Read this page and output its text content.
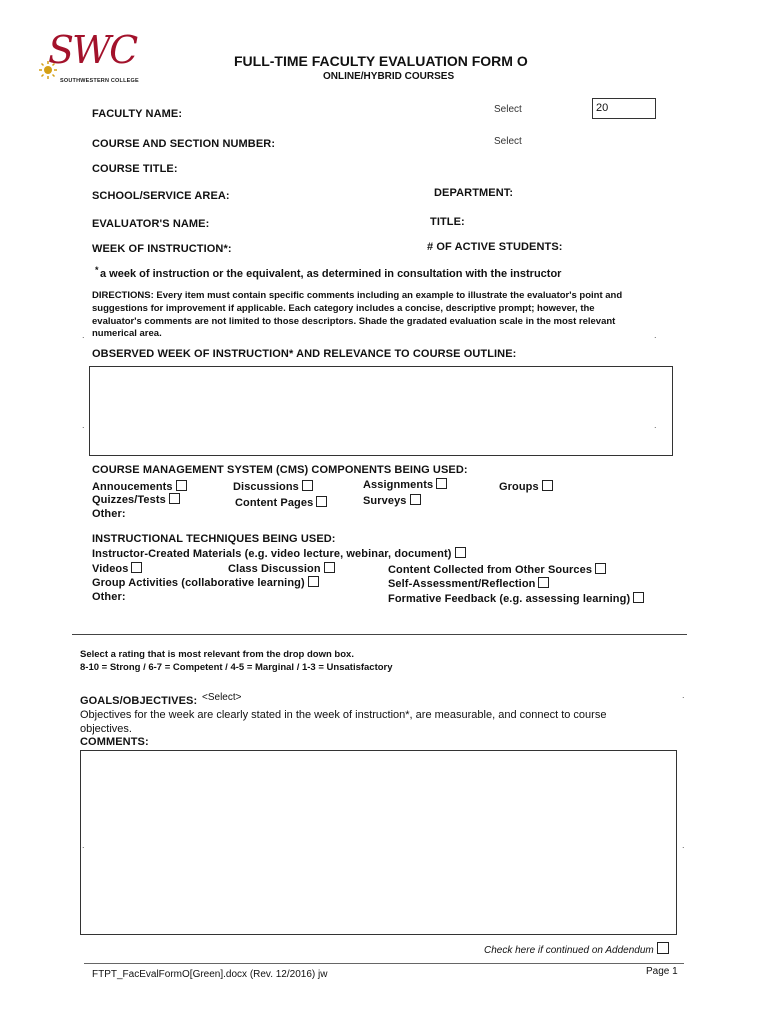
SWC
SOUTHWESTERN COLLEGE
FULL-TIME FACULTY EVALUATION FORM O
ONLINE/HYBRID COURSES
FACULTY NAME:	Select	20
COURSE AND SECTION NUMBER:	Select
COURSE TITLE:
SCHOOL/SERVICE AREA:	DEPARTMENT:
EVALUATOR'S NAME:	TITLE:
WEEK OF INSTRUCTION*:	# OF ACTIVE STUDENTS:
* a week of instruction or the equivalent, as determined in consultation with the instructor
DIRECTIONS: Every item must contain specific comments including an example to illustrate the evaluator's point and
suggestions for improvement if applicable. Each category includes a concise, descriptive prompt; however, the
evaluator's comments are not limited to those descriptors. Shade the gradated evaluation scale in the most relevant
numerical area.
.	.
OBSERVED WEEK OF INSTRUCTION* AND RELEVANCE TO COURSE OUTLINE:
.	.
COURSE MANAGEMENT SYSTEM (CMS) COMPONENTS BEING USED:
Annoucements	Discussions	Assignments	Groups
Quizzes/Tests	Content Pages	Surveys
Other:
INSTRUCTIONAL TECHNIQUES BEING USED:
Instructor-Created Materials (e.g. video lecture, webinar, document)
Videos	Class Discussion	Content Collected from Other Sources
Group Activities (collaborative learning)	Self-Assessment/Reflection
Other:	Formative Feedback (e.g. assessing learning)
Select a rating that is most relevant from the drop down box.
8-10 = Strong / 6-7 = Competent / 4-5 = Marginal / 1-3 = Unsatisfactory
GOALS/OBJECTIVES: <Select>	.
Objectives for the week are clearly stated in the week of instruction*, are measurable, and connect to course
objectives.
COMMENTS:
.	.
Check here if continued on Addendum
FTPT_FacEvalFormO[Green].docx (Rev. 12/2016) jw	Page 1
